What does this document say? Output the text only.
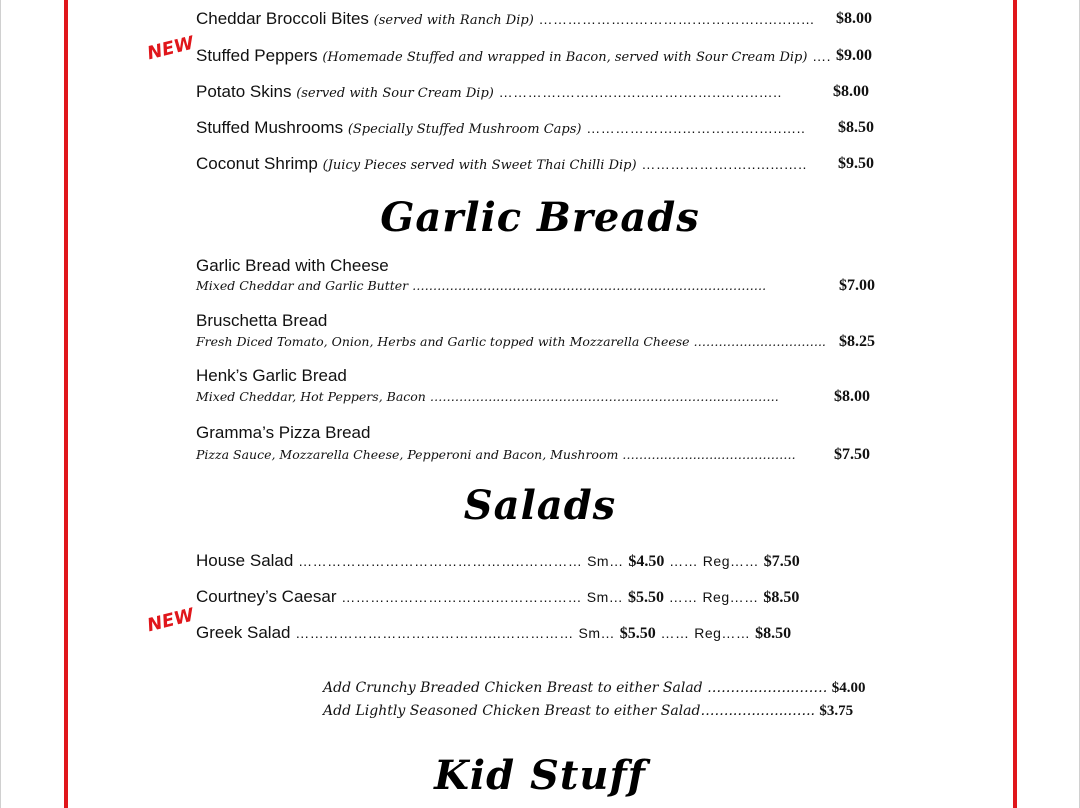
Cheddar Broccoli Bites (served with Ranch Dip) ………………..………….…………..…..…... $8.00
NEW Stuffed Peppers (Homemade Stuffed and wrapped in Bacon, served with Sour Cream Dip) …. $9.00
Potato Skins (served with Sour Cream Dip) ………….……..…..…...…….……..……..…..	$8.00
Stuffed Mushrooms (Specially Stuffed Mushroom Caps) ………………..…………….…..….. $8.50
Coconut Shrimp (Juicy Pieces served with Sweet Thai Chilli Dip) ……………….…..…...….. $9.50
Garlic Breads
Garlic Bread with Cheese
Mixed Cheddar and Garlic Butter ………………………………………………………………………….	$7.00
Bruschetta Bread
Fresh Diced Tomato, Onion, Herbs and Garlic topped with Mozzarella Cheese ………….…..………….. $8.25
Henk’s Garlic Bread
Mixed Cheddar, Hot Peppers, Bacon ……………..……………………………………………...………….	$8.00
Gramma’s Pizza Bread
Pizza Sauce, Mozzarella Cheese, Pepperoni and Bacon, Mushroom ………..……..…..……..………. $7.50
Salads
House Salad ………………………………………..………… Sm… $4.50 …… Reg…… $7.50
Courtney’s Caesar …………………………..……………… Sm… $5.50 …… Reg…… $8.50
NEW Greek Salad …………………………………....…………… Sm… $5.50 …… Reg…… $8.50
Add Crunchy Breaded Chicken Breast to either Salad ………..……...…… $4.00
Add Lightly Seasoned Chicken Breast to either Salad……..…..…....….. $3.75
Kid Stuff
